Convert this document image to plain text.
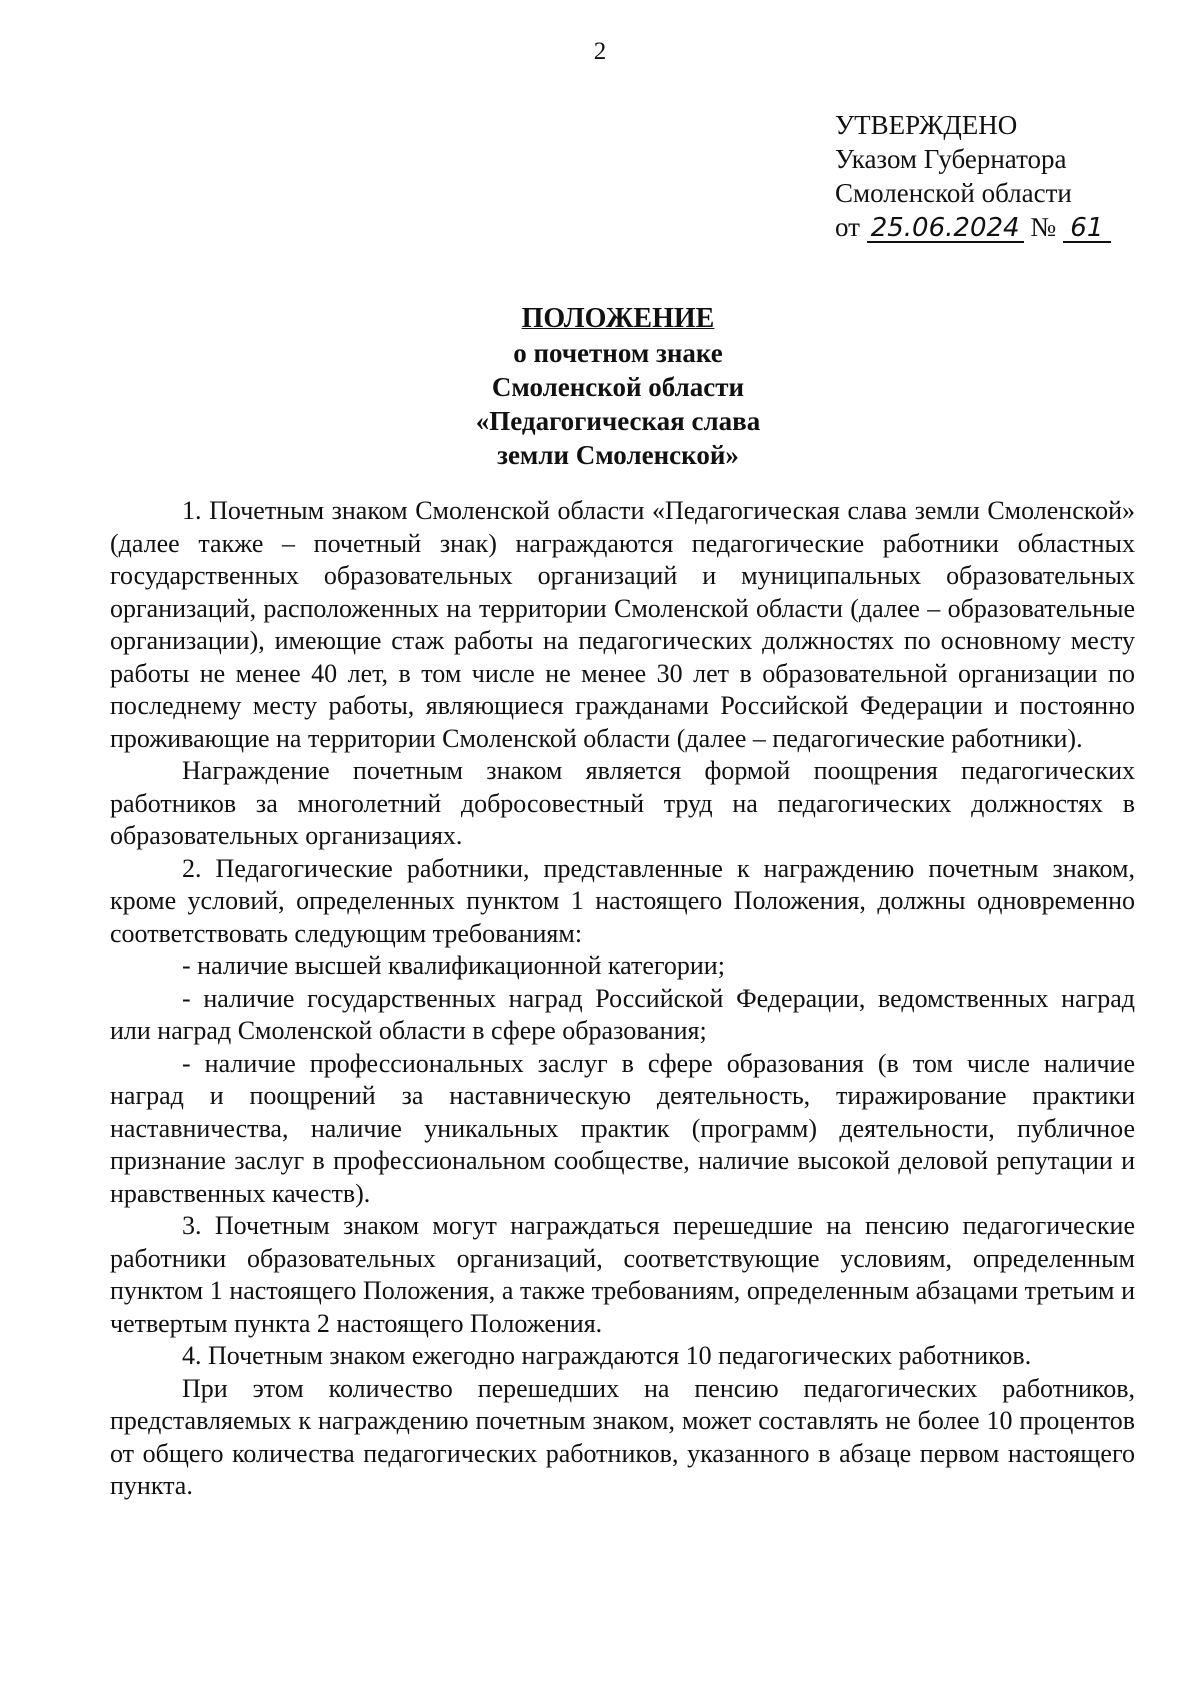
2
УТВЕРЖДЕНО
Указом Губернатора
Смоленской области
от 25.06.2024 № 61
ПОЛОЖЕНИЕ
о почетном знаке
Смоленской области
«Педагогическая слава
земли Смоленской»

1. Почетным знаком Смоленской области «Педагогическая слава земли Смоленской» (далее также – почетный знак) награждаются педагогические работники областных государственных образовательных организаций и муниципальных образовательных организаций, расположенных на территории Смоленской области (далее – образовательные организации), имеющие стаж работы на педагогических должностях по основному месту работы не менее 40 лет, в том числе не менее 30 лет в образовательной организации по последнему месту работы, являющиеся гражданами Российской Федерации и постоянно проживающие на территории Смоленской области (далее – педагогические работники).

Награждение почетным знаком является формой поощрения педагогических работников за многолетний добросовестный труд на педагогических должностях в образовательных организациях.

2. Педагогические работники, представленные к награждению почетным знаком, кроме условий, определенных пунктом 1 настоящего Положения, должны одновременно соответствовать следующим требованиям:

- наличие высшей квалификационной категории;

- наличие государственных наград Российской Федерации, ведомственных наград или наград Смоленской области в сфере образования;

- наличие профессиональных заслуг в сфере образования (в том числе наличие наград и поощрений за наставническую деятельность, тиражирование практики наставничества, наличие уникальных практик (программ) деятельности, публичное признание заслуг в профессиональном сообществе, наличие высокой деловой репутации и нравственных качеств).

3. Почетным знаком могут награждаться перешедшие на пенсию педагогические работники образовательных организаций, соответствующие условиям, определенным пунктом 1 настоящего Положения, а также требованиям, определенным абзацами третьим и четвертым пункта 2 настоящего Положения.

4. Почетным знаком ежегодно награждаются 10 педагогических работников.

При этом количество перешедших на пенсию педагогических работников, представляемых к награждению почетным знаком, может составлять не более 10 процентов от общего количества педагогических работников, указанного в абзаце первом настоящего пункта.
